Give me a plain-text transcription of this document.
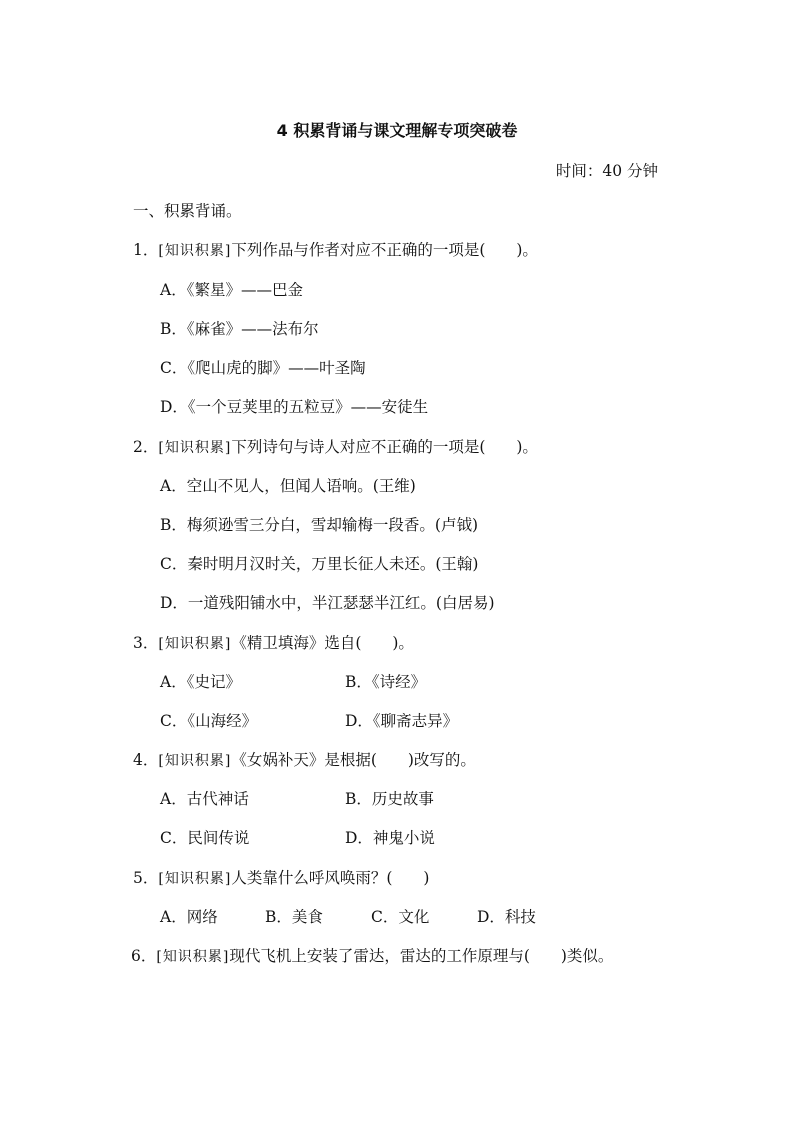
4 积累背诵与课文理解专项突破卷
时间：40 分钟
一、积累背诵。
1．[知识积累]下列作品与作者对应不正确的一项是(　　)。
A．《繁星》——巴金
B．《麻雀》——法布尔
C．《爬山虎的脚》——叶圣陶
D．《一个豆荚里的五粒豆》——安徒生
2．[知识积累]下列诗句与诗人对应不正确的一项是(　　)。
A．空山不见人，但闻人语响。(王维)
B．梅须逊雪三分白，雪却输梅一段香。(卢钺)
C．秦时明月汉时关，万里长征人未还。(王翰)
D．一道残阳铺水中，半江瑟瑟半江红。(白居易)
3．[知识积累]《精卫填海》选自(　　)。
A．《史记》	B．《诗经》
C．《山海经》	D．《聊斋志异》
4．[知识积累]《女娲补天》是根据(　　)改写的。
A．古代神话	B．历史故事
C．民间传说	D．神鬼小说
5．[知识积累]人类靠什么呼风唤雨？(　　)
A．网络	B．美食	C．文化	D．科技
6．[知识积累]现代飞机上安装了雷达，雷达的工作原理与(　　)类似。
